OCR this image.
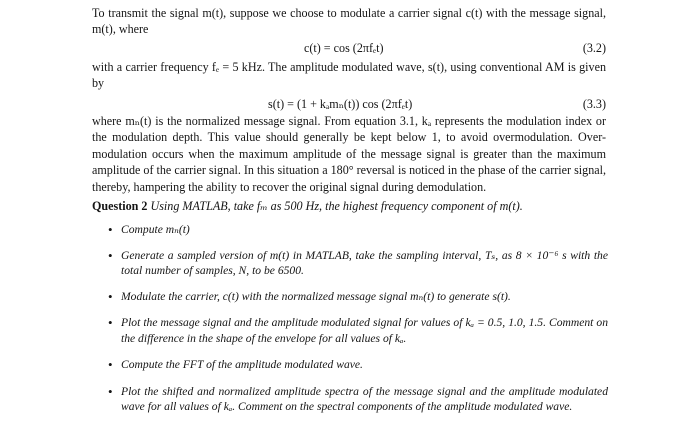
To transmit the signal m(t), suppose we choose to modulate a carrier signal c(t) with the message signal, m(t), where
c(t) = cos (2πfₑt)	(3.2)
with a carrier frequency fₑ = 5 kHz. The amplitude modulated wave, s(t), using conventional AM is given by
s(t) = (1 + kₐmₙ(t)) cos (2πfₑt)	(3.3)
where mₙ(t) is the normalized message signal. From equation 3.1, kₐ represents the modulation index or the modulation depth. This value should generally be kept below 1, to avoid overmodulation. Over-modulation occurs when the maximum amplitude of the message signal is greater than the maximum amplitude of the carrier signal. In this situation a 180° reversal is noticed in the phase of the carrier signal, thereby, hampering the ability to recover the original signal during demodulation.
Question 2 Using MATLAB, take fₘ as 500 Hz, the highest frequency component of m(t).
• Compute mₙ(t)
• Generate a sampled version of m(t) in MATLAB, take the sampling interval, Tₛ, as 8 × 10⁻⁶ s with the total number of samples, N, to be 6500.
• Modulate the carrier, c(t) with the normalized message signal mₙ(t) to generate s(t).
• Plot the message signal and the amplitude modulated signal for values of kₐ = 0.5, 1.0, 1.5. Comment on the difference in the shape of the envelope for all values of kₐ.
• Compute the FFT of the amplitude modulated wave.
• Plot the shifted and normalized amplitude spectra of the message signal and the amplitude modulated wave for all values of kₐ. Comment on the spectral components of the amplitude modulated wave.
